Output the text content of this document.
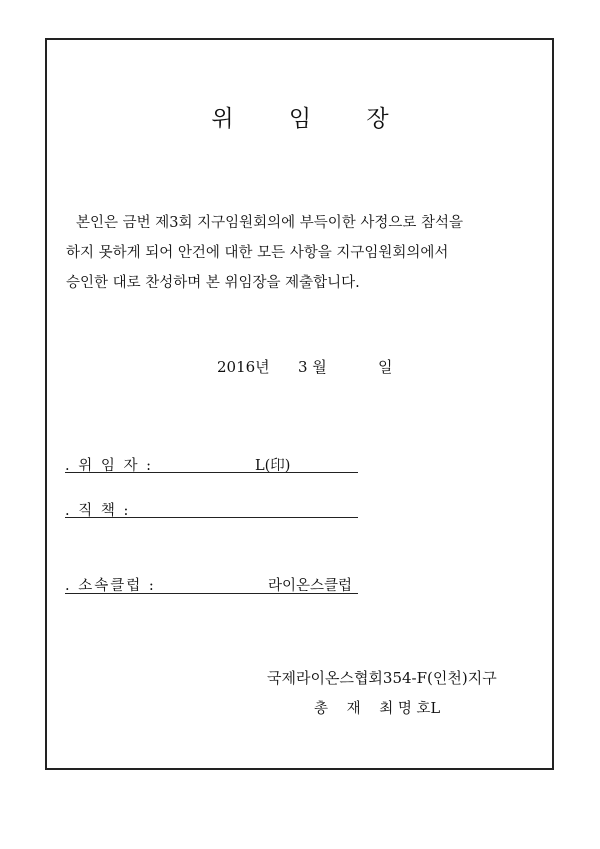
위 임 장
본인은 금번 제3회 지구임원회의에 부득이한 사정으로 참석을
하지 못하게 되어 안건에 대한 모든 사항을 지구임원회의에서
승인한 대로 찬성하며 본 위임장을 제출합니다.
2016년 3 월	일
. 위 임 자 :	L(印)
. 직 책 :
. 소속클럽 :	라이온스클럽
국제라이온스협회354-F(인천)지구
총 재 최 명 호L
